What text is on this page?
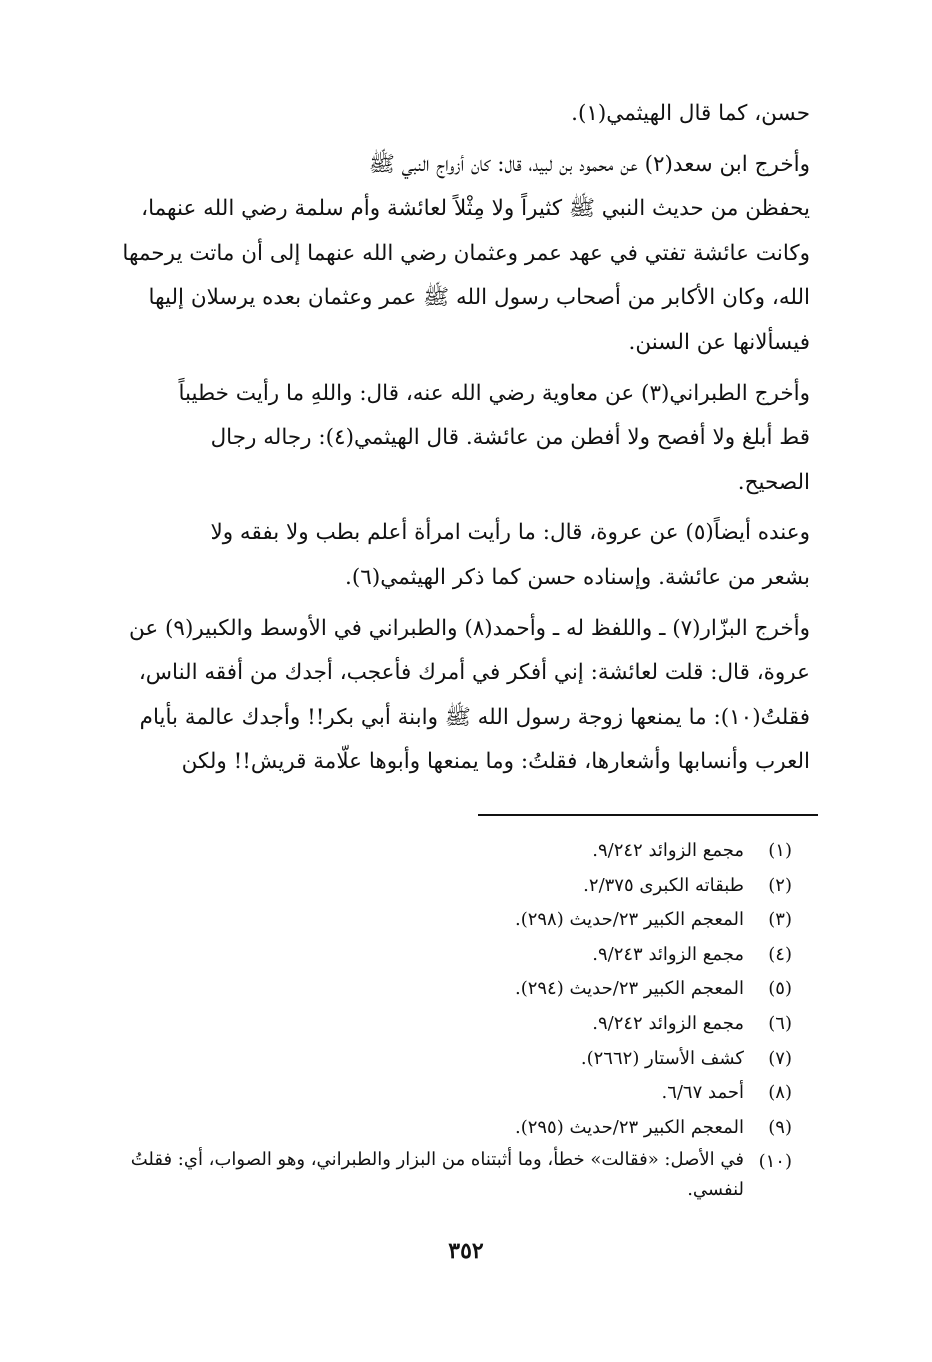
حسن، كما قال الهيثمي(١).

وأخرج ابن سعد(٢) عن محمود بن لبيد، قال: كان أزواج النبي ﷺ
يحفظن من حديث النبي ﷺ كثيراً ولا مِثْلاً لعائشة وأم سلمة رضي الله عنهما،
وكانت عائشة تفتي في عهد عمر وعثمان رضي الله عنهما إلى أن ماتت يرحمها
الله، وكان الأكابر من أصحاب رسول الله ﷺ عمر وعثمان بعده يرسلان إليها
فيسألانها عن السنن.

وأخرج الطبراني(٣) عن معاوية رضي الله عنه، قال: واللهِ ما رأيت خطيباً
قط أبلغ ولا أفصح ولا أفطن من عائشة. قال الهيثمي(٤): رجاله رجال
الصحيح.

وعنده أيضاً(٥) عن عروة، قال: ما رأيت امرأة أعلم بطب ولا بفقه ولا
بشعر من عائشة. وإسناده حسن كما ذكر الهيثمي(٦).

وأخرج البزّار(٧) ـ واللفظ له ـ وأحمد(٨) والطبراني في الأوسط والكبير(٩) عن
عروة، قال: قلت لعائشة: إني أفكر في أمرك فأعجب، أجدك من أفقه الناس،
فقلتُ(١٠): ما يمنعها زوجة رسول الله ﷺ وابنة أبي بكر!! وأجدك عالمة بأيام
العرب وأنسابها وأشعارها، فقلتُ: وما يمنعها وأبوها علّامة قريش!! ولكن

(١)
مجمع الزوائد ٩/٢٤٢.
(٢)
طبقاته الكبرى ٢/٣٧٥.
(٣)
المعجم الكبير ٢٣/حديث (٢٩٨).
(٤)
مجمع الزوائد ٩/٢٤٣.
(٥)
المعجم الكبير ٢٣/حديث (٢٩٤).
(٦)
مجمع الزوائد ٩/٢٤٢.
(٧)
كشف الأستار (٢٦٦٢).
(٨)
أحمد ٦/٦٧.
(٩)
المعجم الكبير ٢٣/حديث (٢٩٥).
(١٠)
في الأصل: «فقالت» خطأ، وما أثبتناه من البزار والطبراني، وهو الصواب، أي: فقلتُ لنفسي.
٣٥٢
